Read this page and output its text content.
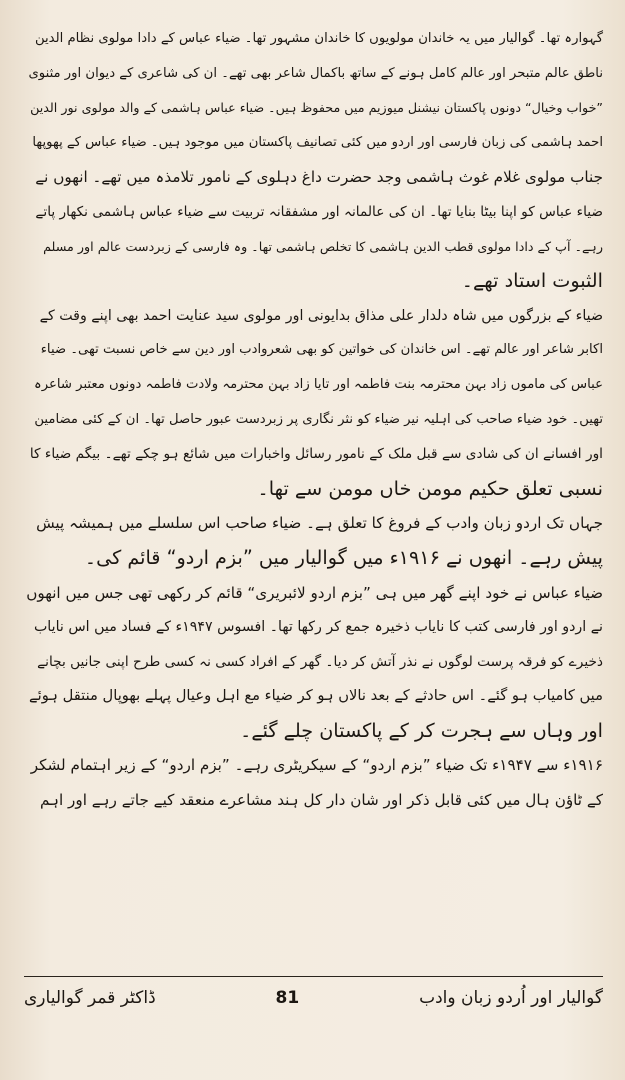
گہوارہ تھا۔ گوالیار میں یہ خاندان مولویوں کا خاندان مشہور تھا۔ ضیاء عباس کے دادا مولوی نظام الدین
ناطق عالم متبحر اور عالم کامل ہونے کے ساتھ باکمال شاعر بھی تھے۔ ان کی شاعری کے دیوان اور مثنوی
”خواب وخیال“ دونوں پاکستان نیشنل میوزیم میں محفوظ ہیں۔ ضیاء عباس ہاشمی کے والد مولوی نور الدین
احمد ہاشمی کی زبان فارسی اور اردو میں کئی تصانیف پاکستان میں موجود ہیں۔ ضیاء عباس کے پھوپھا
جناب مولوی غلام غوث ہاشمی وجد حضرت داغ دہلوی کے نامور تلامذہ میں تھے۔ انھوں نے
ضیاء عباس کو اپنا بیٹا بنایا تھا۔ ان کی عالمانہ اور مشفقانہ تربیت سے ضیاء عباس ہاشمی نکھار پاتے
رہے۔ آپ کے دادا مولوی قطب الدین ہاشمی کا تخلص ہاشمی تھا۔ وہ فارسی کے زبردست عالم اور مسلم
الثبوت استاد تھے۔

ضیاء کے بزرگوں میں شاہ دلدار علی مذاق بدایونی اور مولوی سید عنایت احمد بھی اپنے وقت کے
اکابر شاعر اور عالم تھے۔ اس خاندان کی خواتین کو بھی شعروادب اور دین سے خاص نسبت تھی۔ ضیاء
عباس کی ماموں زاد بہن محترمہ بنت فاطمہ اور تایا زاد بہن محترمہ ولادت فاطمہ دونوں معتبر شاعرہ
تھیں۔ خود ضیاء صاحب کی اہلیہ نیر ضیاء کو نثر نگاری پر زبردست عبور حاصل تھا۔ ان کے کئی مضامین
اور افسانے ان کی شادی سے قبل ملک کے نامور رسائل واخبارات میں شائع ہو چکے تھے۔ بیگم ضیاء کا
نسبی تعلق حکیم مومن خاں مومن سے تھا۔

جہاں تک اردو زبان وادب کے فروغ کا تعلق ہے۔ ضیاء صاحب اس سلسلے میں ہمیشہ پیش
پیش رہے۔ انھوں نے ۱۹۱۶ء میں گوالیار میں ”بزم اردو“ قائم کی۔

ضیاء عباس نے خود اپنے گھر میں ہی ”بزم اردو لائبریری“ قائم کر رکھی تھی جس میں انھوں
نے اردو اور فارسی کتب کا نایاب ذخیرہ جمع کر رکھا تھا۔ افسوس ۱۹۴۷ء کے فساد میں اس نایاب
ذخیرے کو فرقہ پرست لوگوں نے نذر آتش کر دیا۔ گھر کے افراد کسی نہ کسی طرح اپنی جانیں بچانے
میں کامیاب ہو گئے۔ اس حادثے کے بعد نالاں ہو کر ضیاء مع اہل وعیال پہلے بھوپال منتقل ہوئے
اور وہاں سے ہجرت کر کے پاکستان چلے گئے۔

۱۹۱۶ء سے ۱۹۴۷ء تک ضیاء ”بزم اردو“ کے سیکریٹری رہے۔ ”بزم اردو“ کے زیر اہتمام لشکر
کے ٹاؤن ہال میں کئی قابل ذکر اور شان دار کل ہند مشاعرے منعقد کیے جاتے رہے اور اہم

ڈاکٹر قمر گوالیاری	81	گوالیار اور اُردو زبان وادب
